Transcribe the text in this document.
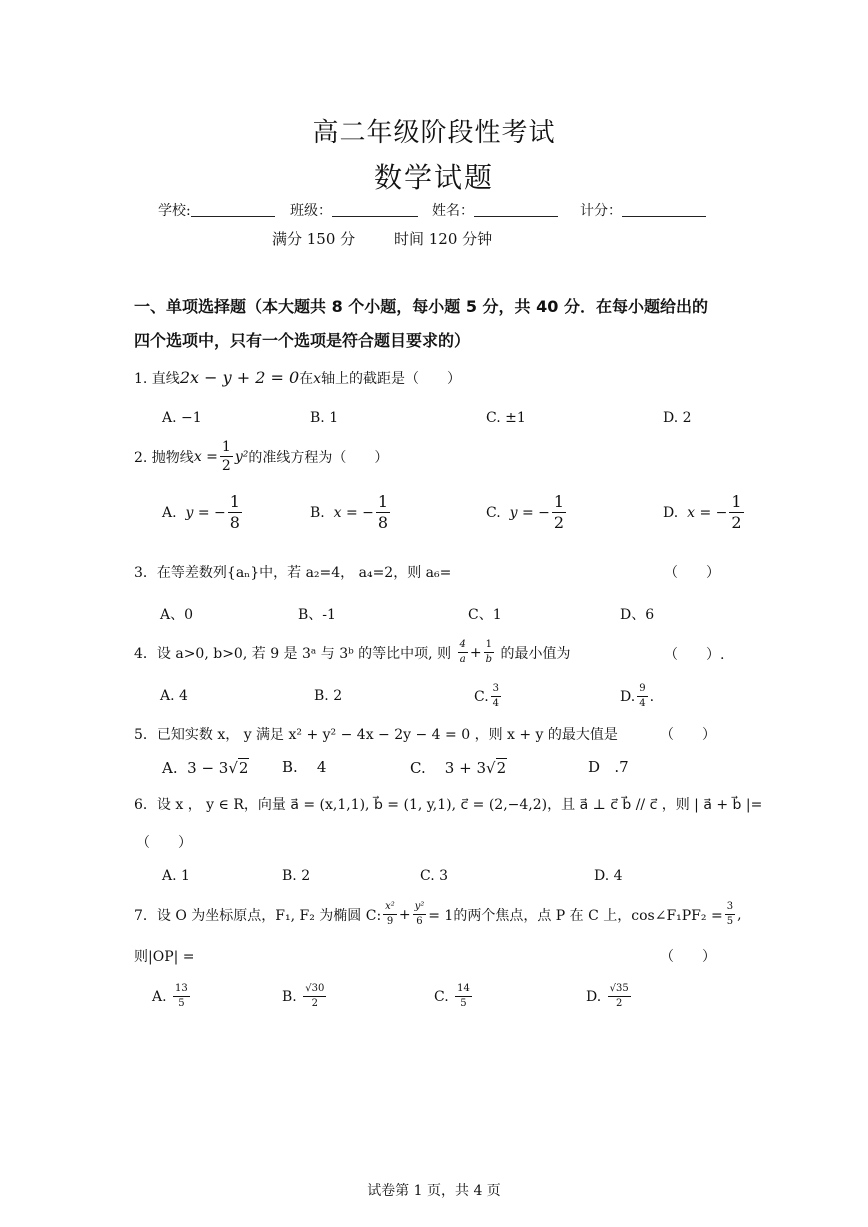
高二年级阶段性考试
数学试题
学校:	班级：	姓名：	计分：
满分 150 分	时间 120 分钟
一、单项选择题（本大题共 8 个小题，每小题 5 分，共 40 分．在每小题给出的
四个选项中，只有一个选项是符合题目要求的）
1. 直线2x − y + 2 = 0在x轴上的截距是（　　）
A. −1	B. 1	C. ±1	D. 2
2. 抛物线 $x = \frac{1}{2} y^2$ 的准线方程为（　　）
A.
y = − $\frac{1}{8}$	B.
x = − $\frac{1}{8}$	C.
y = − $\frac{1}{2}$	D.
x = − $\frac{1}{2}$
3．在等差数列{aₙ}中，若 a₂=4， a₄=2，则 a₆=	（　　）
A、0	B、-1	C、1	D、6
4．设 a>0, b>0, 若 9 是 3ᵃ 与 3ᵇ 的等比中项, 则
$\frac{4}{a} + \frac{1}{b}$
的最小值为	（　　）.
A. 4	B. 2	C. $\frac{3}{4}$	D. $\frac{9}{4}$ .
5．已知实数 x， y 满足 x² + y² − 4x − 2y − 4 = 0 ，则 x + y 的最大值是	（　　）
A. 3 − 3√2 B. 4	C. 3 + 3√2	D .7
6．设 x ， y ∈ R，向量 a⃗ = (x,1,1), b⃗ = (1, y,1), c⃗ = (2,−4,2)，且 a⃗ ⊥ c⃗ b⃗ // c⃗ ，则 | a⃗ + b⃗ |=
（　　）
A. 1	B. 2	C. 3	D. 4
7．设 O 为坐标原点，F₁, F₂ 为椭圆 C: $\frac{\text{x²}}{9} + \frac{\text{y²}}{6} = 1$的两个焦点，点 P 在 C 上，cos∠F₁PF₂ = $\frac{3}{5}$ ,
则|OP| =	（　　）
A.
$\frac{13}{5}$	B.
$\frac{√30}{2}$	C.
$\frac{14}{5}$	D.
$\frac{√35}{2}$
试卷第 1 页，共 4 页
